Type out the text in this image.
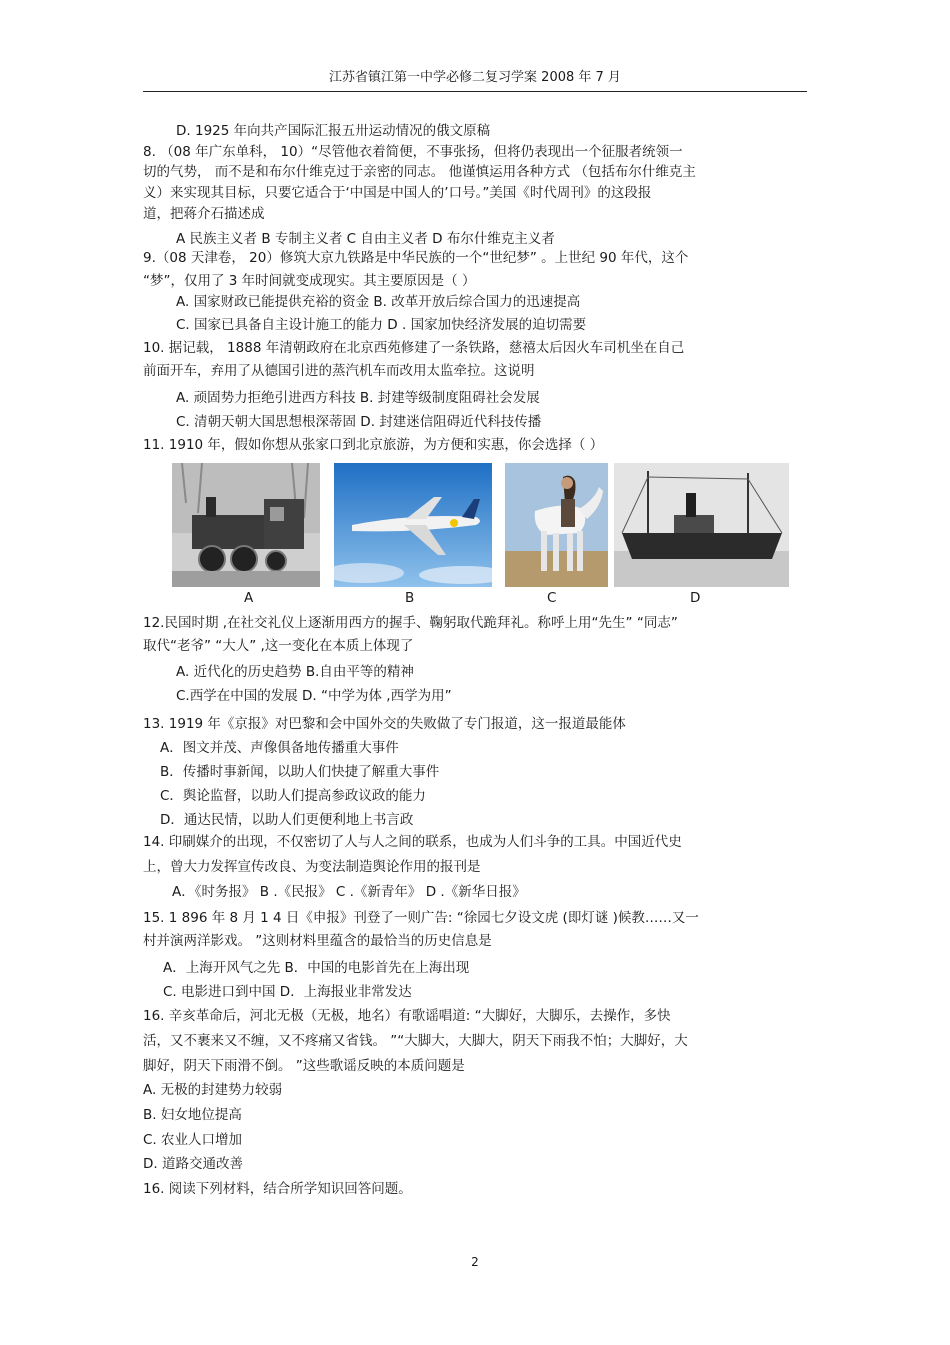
江苏省镇江第一中学必修二复习学案 2008 年 7 月
D. 1925 年向共产国际汇报五卅运动情况的俄文原稿
8. （08 年广东单科， 10）“尽管他衣着简便，不事张扬，但将仍表现出一个征服者统领一
切的气势， 而不是和布尔什维克过于亲密的同志。 他谨慎运用各种方式 （包括布尔什维克主
义）来实现其目标，只要它适合于‘中国是中国人的’口号。”美国《时代周刊》的这段报
道，把蒋介石描述成
A 民族主义者 B 专制主义者 C 自由主义者 D 布尔什维克主义者
9.（08 天津卷， 20）修筑大京九铁路是中华民族的一个“世纪梦” 。上世纪 90 年代，这个
“梦”，仅用了 3 年时间就变成现实。其主要原因是（ ）
A. 国家财政已能提供充裕的资金 B. 改革开放后综合国力的迅速提高
C. 国家已具备自主设计施工的能力 D . 国家加快经济发展的迫切需要
10. 据记载， 1888 年清朝政府在北京西苑修建了一条铁路，慈禧太后因火车司机坐在自己
前面开车，弃用了从德国引进的蒸汽机车而改用太监牵拉。这说明
A. 顽固势力拒绝引进西方科技 B. 封建等级制度阻碍社会发展
C. 清朝天朝大国思想根深蒂固 D. 封建迷信阻碍近代科技传播
11. 1910 年，假如你想从张家口到北京旅游，为方便和实惠，你会选择（ ）
12.民国时期 ,在社交礼仪上逐渐用西方的握手、鞠躬取代跪拜礼。称呼上用“先生” “同志”
取代“老爷” “大人” ,这一变化在本质上体现了
A. 近代化的历史趋势 B.自由平等的精神
C.西学在中国的发展 D. “中学为体 ,西学为用”
13. 1919 年《京报》对巴黎和会中国外交的失败做了专门报道，这一报道最能体
A．图文并茂、声像俱备地传播重大事件
B．传播时事新闻，以助人们快捷了解重大事件
C．舆论监督，以助人们提高参政议政的能力
D．通达民情，以助人们更便利地上书言政
14. 印刷媒介的出现，不仅密切了人与人之间的联系，也成为人们斗争的工具。中国近代史
上，曾大力发挥宣传改良、为变法制造舆论作用的报刊是
A．《时务报》 B .《民报》 C .《新青年》 D .《新华日报》
15. 1 896 年 8 月 1 4 日《申报》刊登了一则广告: “徐园七夕设文虎 (即灯谜 )候教……又一
村并演两洋影戏。 ”这则材料里蕴含的最恰当的历史信息是
A．上海开风气之先 B．中国的电影首先在上海出现
C. 电影进口到中国 D．上海报业非常发达
16. 辛亥革命后，河北无极（无极，地名）有歌谣唱道: “大脚好，大脚乐，去操作，多快
活，又不裹来又不缠，又不疼痛又省钱。 ”“大脚大，大脚大，阴天下雨我不怕；大脚好，大
脚好，阴天下雨滑不倒。 ”这些歌谣反映的本质问题是
A. 无极的封建势力较弱
B. 妇女地位提高
C. 农业人口增加
D. 道路交通改善
16. 阅读下列材料，结合所学知识回答问题。
A	B	C	D
2
